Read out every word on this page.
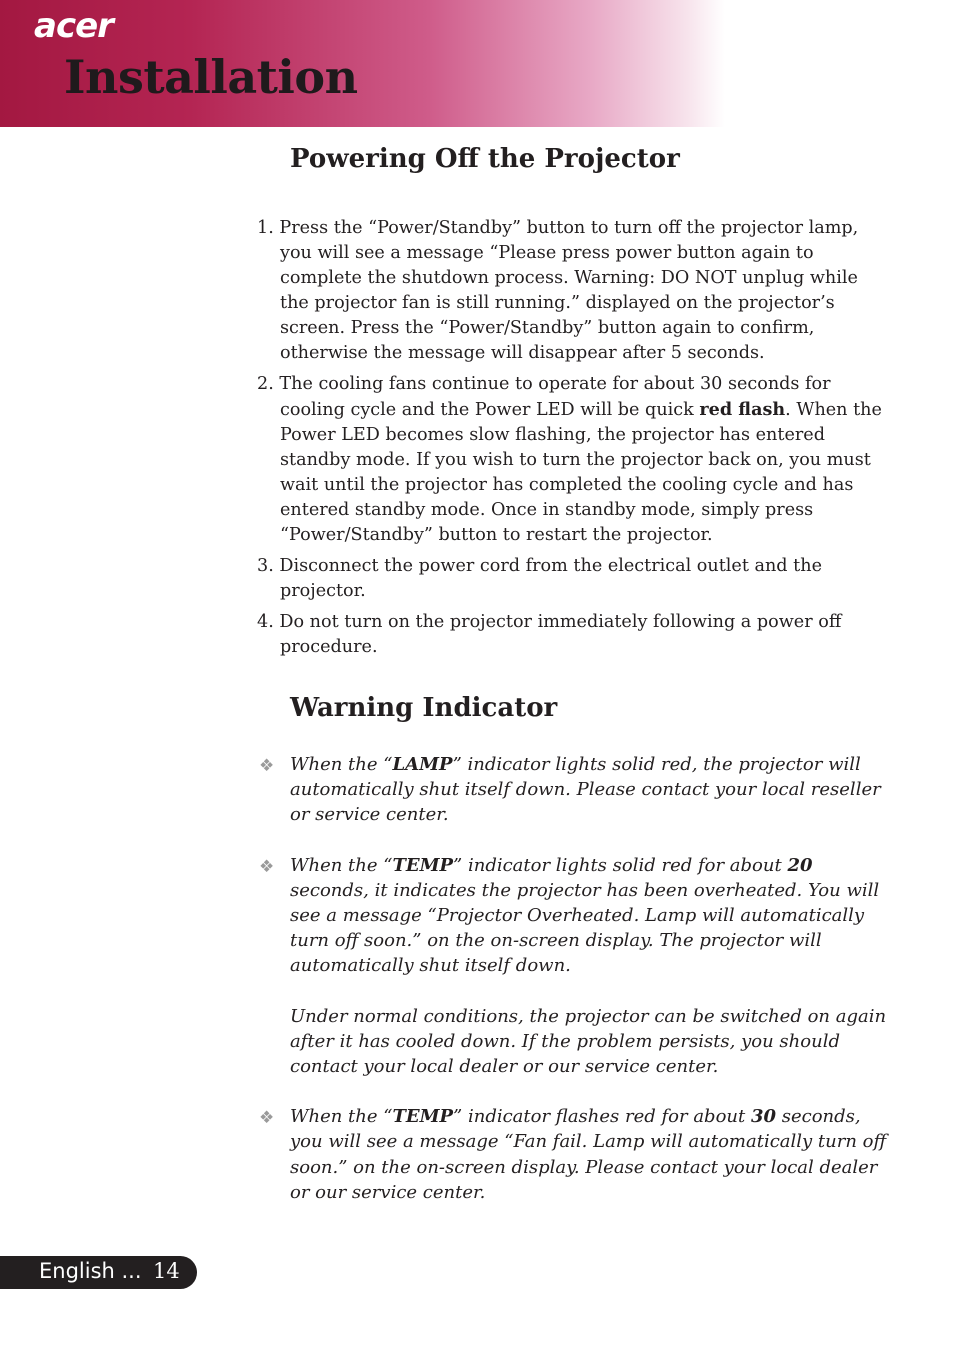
acer
Installation
Powering Off the Projector
1. Press the “Power/Standby” button to turn off the projector lamp, you will see a message “Please press power button again to complete the shutdown process. Warning: DO NOT unplug while the projector fan is still running.” displayed on the projector’s screen. Press the “Power/Standby” button again to confirm, otherwise the message will disappear after 5 seconds.
2. The cooling fans continue to operate for about 30 seconds for cooling cycle and the Power LED will be quick red flash. When the Power LED becomes slow flashing, the projector has entered standby mode. If you wish to turn the projector back on, you must wait until the projector has completed the cooling cycle and has entered standby mode. Once in standby mode, simply press “Power/Standby” button to restart the projector.
3. Disconnect the power cord from the electrical outlet and the projector.
4. Do not turn on the projector immediately following a power off procedure.
Warning Indicator
❖ When the “LAMP” indicator lights solid red, the projector will automatically shut itself down. Please contact your local reseller or service center.

❖ When the “TEMP” indicator lights solid red for about 20 seconds, it indicates the projector has been overheated. You will see a message “Projector Overheated. Lamp will automatically turn off soon.” on the on-screen display. The projector will automatically shut itself down.

Under normal conditions, the projector can be switched on again after it has cooled down. If the problem persists, you should contact your local dealer or our service center.

❖ When the “TEMP” indicator flashes red for about 30 seconds, you will see a message “Fan fail. Lamp will automatically turn off soon.” on the on-screen display. Please contact your local dealer or our service center.

English ... 14
